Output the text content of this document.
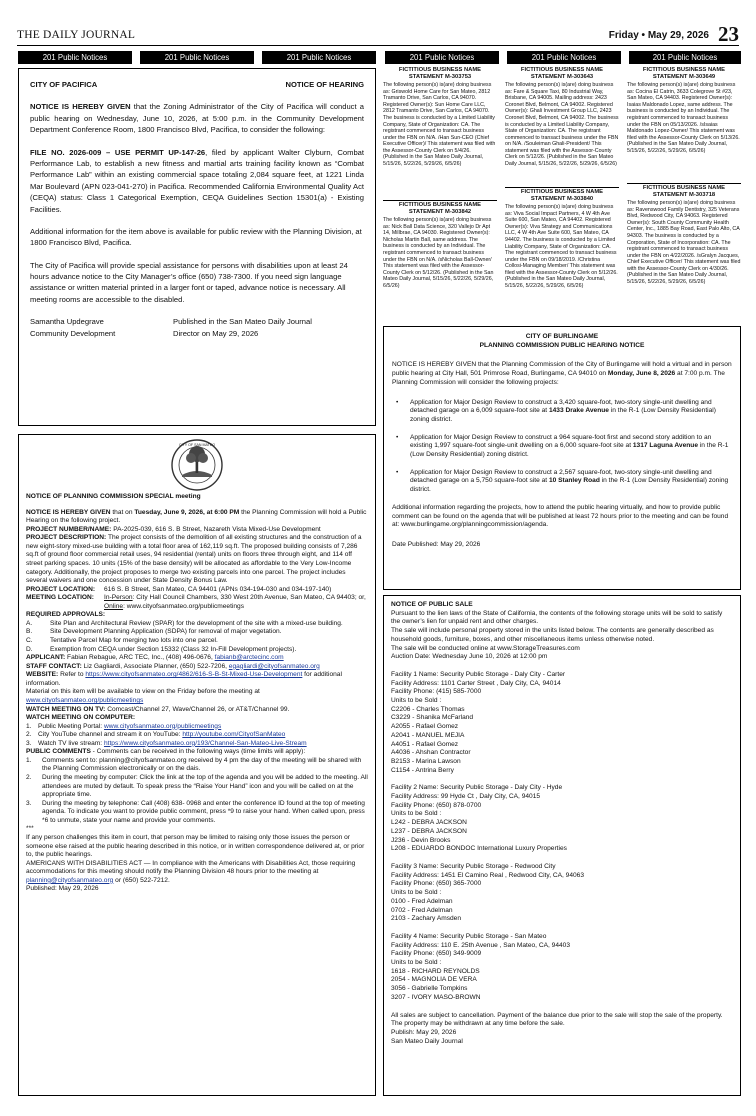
THE DAILY JOURNAL	Friday • May 29, 2026 23
201 Public Notices	201 Public Notices	201 Public Notices	201 Public Notices	201 Public Notices	201 Public Notices
CITY OF PACIFICA	NOTICE OF HEARING
NOTICE IS HEREBY GIVEN that the Zoning Administrator of the City of Pacifica will conduct a public hearing on Wednesday, June 10, 2026, at 5:00 p.m. in the Community Development Department Conference Room, 1800 Francisco Blvd, Pacifica, to consider the following:
FILE NO. 2026-009 – USE PERMIT UP-147-26, filed by applicant Walter Clyburn, Combat Performance Lab, to establish a new fitness and martial arts training facility known as “Combat Performance Lab” within an existing commercial space totaling 2,084 square feet, at 1221 Linda Mar Boulevard (APN 023-041-270) in Pacifica. Recommended California Environmental Quality Act (CEQA) status: Class 1 Categorical Exemption, CEQA Guidelines Section 15301(a) - Existing Facilities.
Additional information for the item above is available for public review with the Planning Division, at 1800 Francisco Blvd, Pacifica.
The City of Pacifica will provide special assistance for persons with disabilities upon at least 24 hours advance notice to the City Manager’s office (650) 738-7300. If you need sign language assistance or written material printed in a larger font or taped, advance notice is necessary. All meeting rooms are accessible to the disabled.
Samantha Updegrave
Community Development
Published in the San Mateo Daily Journal
Director on May 29, 2026
FICTITIOUS BUSINESS NAME STATEMENT M-303753
The following person(s) is(are) doing business as: Griswold Home Care for San Mateo, 2812 Tramanto Drive, San Carlos, CA 94070. Registered Owner(s): Sun Home Care LLC, 2812 Tramanto Drive, San Carlos, CA 94070. The business is conducted by a Limited Liability Company, State of Organization: CA. The registrant commenced to transact business under the FBN on N/A. /Han Sun-CEO (Chief Executive Officer)/ This statement was filed with the Assessor-County Clerk on 5/4/26. (Published in the San Mateo Daily Journal, 5/15/26, 5/22/26, 5/29/26, 6/5/26)
FICTITIOUS BUSINESS NAME STATEMENT M-303643
The following person(s) is(are) doing business as: Fare & Square Taxi, 80 Industrial Way, Brisbane, CA 94005. Mailing address: 2423 Coronet Blvd, Belmont, CA 94002. Registered Owner(s): Ghali Investment Group LLC, 2423 Coronet Blvd, Belmont, CA 94002. The business is conducted by a Limited Liability Company, State of Organization: CA. The registrant commenced to transact business under the FBN on N/A. /Souleiman Ghali-President/ This statement was filed with the Assessor-County Clerk on 5/12/26. (Published in the San Mateo Daily Journal, 5/15/26, 5/22/26, 5/29/26, 6/5/26)
FICTITIOUS BUSINESS NAME STATEMENT M-303649
The following person(s) is(are) doing business as: Cocina El Catrin, 3633 Colegrove St #23, San Mateo, CA 94403. Registered Owner(s): Isaias Maldonado Lopez, same address. The business is conducted by an Individual. The registrant commenced to transact business under the FBN on 05/13/2026. /sIsaias Maldonado Lopez-Owner/ This statement was filed with the Assessor-County Clerk on 5/13/26. (Published in the San Mateo Daily Journal, 5/15/26, 5/22/26, 5/29/26, 6/5/26)
FICTITIOUS BUSINESS NAME STATEMENT M-303842
The following person(s) is(are) doing business as: Nick Ball Data Science, 320 Vallejo Dr Apt 14, Millbrae, CA 94030. Registered Owner(s): Nicholas Martin Ball, same address. The business is conducted by an Individual. The registrant commenced to transact business under the FBN on N/A. /sNicholas Ball-Owner/ This statement was filed with the Assessor-County Clerk on 5/12/26. (Published in the San Mateo Daily Journal, 5/15/26, 5/22/26, 5/29/26, 6/5/26)
FICTITIOUS BUSINESS NAME STATEMENT M-303840
The following person(s) is(are) doing business as: Viva Social Impact Partners, 4 W 4th Ave Suite 600, San Mateo, CA 94402. Registered Owner(s): Viva Strategy and Communications LLC, 4 W 4th Ave Suite 600, San Mateo, CA 94402. The business is conducted by a Limited Liability Company, State of Organization: CA. The registrant commenced to transact business under the FBN on 09/18/2019. /Christina Collosi-Managing Member/ This statement was filed with the Assessor-County Clerk on 5/12/26. (Published in the San Mateo Daily Journal, 5/15/26, 5/22/26, 5/29/26, 6/5/26)
FICTITIOUS BUSINESS NAME STATEMENT M-303718
The following person(s) is(are) doing business as: Ravenswood Family Dentistry, 325 Veterans Blvd, Redwood City, CA 94063. Registered Owner(s): South County Community Health Center, Inc., 1885 Bay Road, East Palo Alto, CA 94303. The business is conducted by a Corporation, State of Incorporation: CA. The registrant commenced to transact business under the FBN on 4/22/2026. /sGralyn Jacques, Chief Executive Officer/ This statement was filed with the Assessor-County Clerk on 4/30/26. (Published in the San Mateo Daily Journal, 5/15/26, 5/22/26, 5/29/26, 6/5/26)
CITY OF BURLINGAME
PLANNING COMMISSION PUBLIC HEARING NOTICE
NOTICE IS HEREBY GIVEN that the Planning Commission of the City of Burlingame will hold a virtual and in person public hearing at City Hall, 501 Primrose Road, Burlingame, CA 94010 on Monday, June 8, 2026 at 7:00 p.m. The Planning Commission will consider the following projects:
• Application for Major Design Review to construct a 3,420 square-foot, two-story single-unit dwelling and detached garage on a 6,009 square-foot site at 1433 Drake Avenue in the R-1 (Low Density Residential) zoning district.
• Application for Major Design Review to construct a 964 square-foot first and second story addition to an existing 1,997 square-foot single-unit dwelling on a 6,000 square-foot site at 1317 Laguna Avenue in the R-1 (Low Density Residential) zoning district.
• Application for Major Design Review to construct a 2,567 square-foot, two-story single-unit dwelling and detached garage on a 5,750 square-foot site at 10 Stanley Road in the R-1 (Low Density Residential) zoning district.
Additional information regarding the projects, how to attend the public hearing virtually, and how to provide public comment can be found on the agenda that will be published at least 72 hours prior to the meeting and can be found at: www.burlingame.org/planningcommission/agenda.
Date Published: May 29, 2026
CITY OF SAN MATEO
NOTICE OF PLANNING COMMISSION SPECIAL meeting
NOTICE IS HEREBY GIVEN that on Tuesday, June 9, 2026, at 6:00 PM the Planning Commission will hold a Public Hearing on the following project.
PROJECT NUMBER/NAME: PA-2025-039, 616 S. B Street, Nazareth Vista Mixed-Use Development
PROJECT DESCRIPTION: The project consists of the demolition of all existing structures and the construction of a new eight-story mixed-use building with a total floor area of 162,119 sq.ft. The proposed building consists of 7,286 sq.ft of ground floor commercial retail uses, 94 residential (rental) units on floors three through eight, and 114 off street parking spaces. 10 units (15% of the base density) will be allocated as affordable to the Very Low-Income category. Additionally, the project proposes to merge two existing parcels into one parcel. The project includes several waivers and one concession under State Density Bonus Law.
PROJECT LOCATION:	616 S. B Street, San Mateo, CA 94401 (APNs 034-194-030 and 034-197-140)
MEETING LOCATION:	In-Person: City Hall Council Chambers, 330 West 20th Avenue, San Mateo, CA 94403; or,
Online: www.cityofsanmateo.org/publicmeetings
REQUIRED APPROVALS:
A.	Site Plan and Architectural Review (SPAR) for the development of the site with a mixed-use building.
B.	Site Development Planning Application (SDPA) for removal of major vegetation.
C.	Tentative Parcel Map for merging two lots into one parcel.
D.	Exemption from CEQA under Section 15332 (Class 32 In-Fill Development projects).
APPLICANT: Fabian Rebague, ARC TEC, Inc., (408) 496-0676, fabianb@arctecinc.com
STAFF CONTACT: Liz Gagliardi, Associate Planner, (650) 522-7206, egagliardi@cityofsanmateo.org
WEBSITE: Refer to https://www.cityofsanmateo.org/4862/616-S-B-St-Mixed-Use-Development for additional information.
Material on this item will be available to view on the Friday before the meeting at www.cityofsanmateo.org/publicmeetings
WATCH MEETING ON TV: Comcast/Channel 27, Wave/Channel 26, or AT&T/Channel 99.
WATCH MEETING ON COMPUTER:
1. Public Meeting Portal: www.cityofsanmateo.org/publicmeetings
2. City YouTube channel and stream it on YouTube: http://youtube.com/CityofSanMateo
3. Watch TV live stream: https://www.cityofsanmateo.org/193/Channel-San-Mateo-Live-Stream
PUBLIC COMMENTS - Comments can be received in the following ways (time limits will apply):
1.	Comments sent to: planning@cityofsanmateo.org received by 4 pm the day of the meeting will be shared with the Planning Commission electronically or on the dais.
2.	During the meeting by computer: Click the link at the top of the agenda and you will be added to the meeting. All attendees are muted by default. To speak press the “Raise Your Hand” icon and you will be called on at the appropriate time.
3.	During the meeting by telephone: Call (408) 638- 0968 and enter the conference ID found at the top of meeting agenda. To indicate you want to provide public comment, press *9 to raise your hand. When called upon, press *6 to unmute, state your name and provide your comments.
***
If any person challenges this item in court, that person may be limited to raising only those issues the person or someone else raised at the public hearing described in this notice, or in written correspondence delivered at, or prior to, the public hearings.
AMERICANS WITH DISABILITIES ACT — In compliance with the Americans with Disabilities Act, those requiring accommodations for this meeting should notify the Planning Division 48 hours prior to the meeting at planning@cityofsanmateo.org or (650) 522-7212.
Published: May 29, 2026
NOTICE OF PUBLIC SALE
Pursuant to the lien laws of the State of California, the contents of the following storage units will be sold to satisfy the owner’s lien for unpaid rent and other charges.
The sale will include personal property stored in the units listed below. The contents are generally described as household goods, furniture, boxes, and other miscellaneous items unless otherwise noted.
The sale will be conducted online at www.StorageTreasures.com
Auction Date: Wednesday June 10, 2026 at 12:00 pm
Facility 1 Name: Security Public Storage - Daly City - Carter
Facility Address: 1101 Carter Street , Daly City, CA, 94014
Facility Phone: (415) 585-7000
Units to be Sold :
C2206 - Charles Thomas
C3229 - Shanika McFarland
A2055 - Rafael Gomez
A2041 - MANUEL MEJIA
A4051 - Rafael Gomez
A4036 - Ahshan Contractor
B2153 - Marina Lawson
C1154 - Antrina Berry
Facility 2 Name: Security Public Storage - Daly City - Hyde
Facility Address: 99 Hyde Ct , Daly City, CA, 94015
Facility Phone: (650) 878-0700
Units to be Sold :
L242 - DEBRA JACKSON
L237 - DEBRA JACKSON
J236 - Devin Brooks
L208 - EDUARDO BONDOC International Luxury Properties
Facility 3 Name: Security Public Storage - Redwood City
Facility Address: 1451 El Camino Real , Redwood City, CA, 94063
Facility Phone: (650) 365-7000
Units to be Sold :
0100 - Fred Adelman
0702 - Fred Adelman
2103 - Zachary Amsden
Facility 4 Name: Security Public Storage - San Mateo
Facility Address: 110 E. 25th Avenue , San Mateo, CA, 94403
Facility Phone: (650) 349-9009
Units to be Sold :
1618 - RICHARD REYNOLDS
2054 - MAGNOLIA DE VERA
3056 - Gabrielle Tompkins
3207 - IVORY MASO-BROWN
All sales are subject to cancellation. Payment of the balance due prior to the sale will stop the sale of the property. The property may be withdrawn at any time before the sale.
Publish: May 29, 2026
San Mateo Daily Journal
